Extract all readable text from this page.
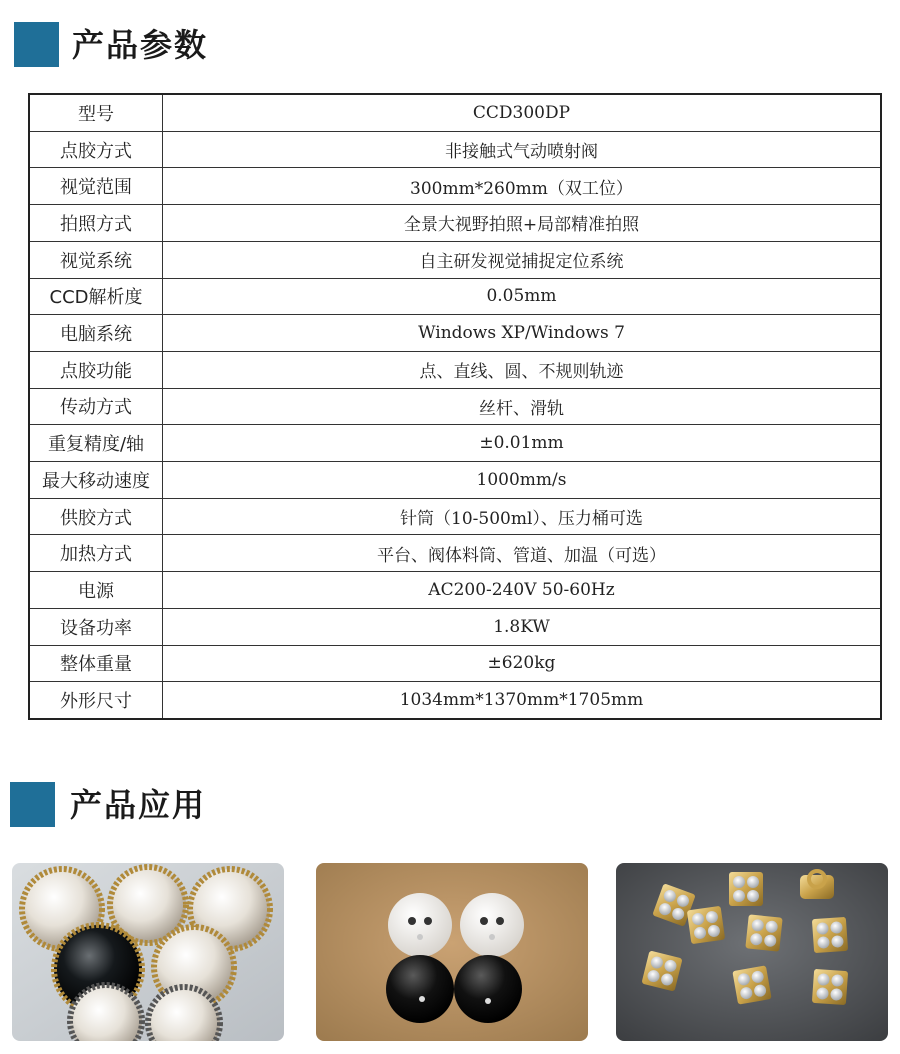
产品参数
型号	CCD300DP
点胶方式	非接触式气动喷射阀
视觉范围	300mm*260mm（双工位）
拍照方式	全景大视野拍照+局部精准拍照
视觉系统	自主研发视觉捕捉定位系统
CCD解析度	0.05mm
电脑系统	Windows XP/Windows 7
点胶功能	点、直线、圆、不规则轨迹
传动方式	丝杆、滑轨
重复精度/轴	±0.01mm
最大移动速度	1000mm/s
供胶方式	针筒（10-500ml）、压力桶可选
加热方式	平台、阀体料筒、管道、加温（可选）
电源	AC200-240V 50-60Hz
设备功率	1.8KW
整体重量	±620kg
外形尺寸	1034mm*1370mm*1705mm
产品应用
